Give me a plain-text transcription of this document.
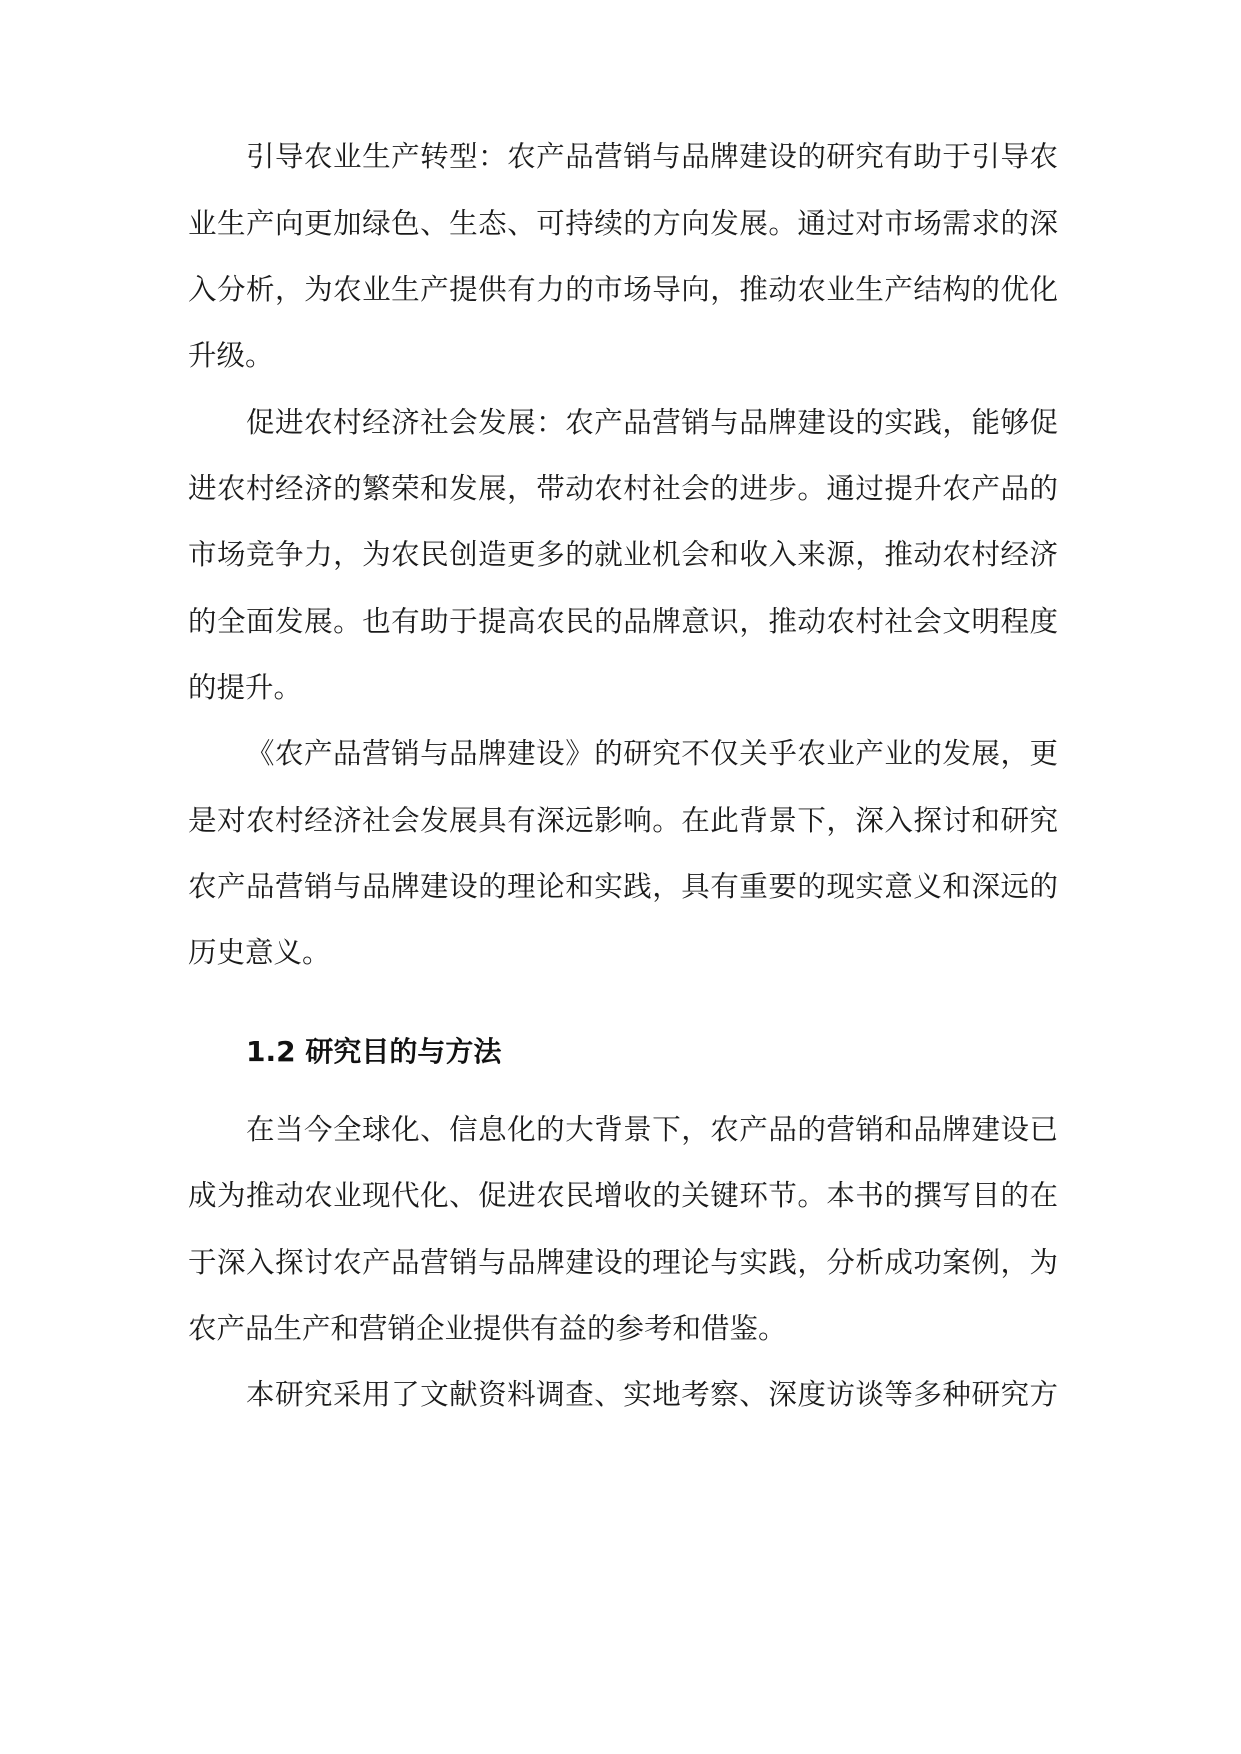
引导农业生产转型：农产品营销与品牌建设的研究有助于引导农
业生产向更加绿色、生态、可持续的方向发展。通过对市场需求的深
入分析，为农业生产提供有力的市场导向，推动农业生产结构的优化
升级。
促进农村经济社会发展：农产品营销与品牌建设的实践，能够促
进农村经济的繁荣和发展，带动农村社会的进步。通过提升农产品的
市场竞争力，为农民创造更多的就业机会和收入来源，推动农村经济
的全面发展。也有助于提高农民的品牌意识，推动农村社会文明程度
的提升。
《农产品营销与品牌建设》的研究不仅关乎农业产业的发展，更
是对农村经济社会发展具有深远影响。在此背景下，深入探讨和研究
农产品营销与品牌建设的理论和实践，具有重要的现实意义和深远的
历史意义。
1.2 研究目的与方法
在当今全球化、信息化的大背景下，农产品的营销和品牌建设已
成为推动农业现代化、促进农民增收的关键环节。本书的撰写目的在
于深入探讨农产品营销与品牌建设的理论与实践，分析成功案例，为
农产品生产和营销企业提供有益的参考和借鉴。
本研究采用了文献资料调查、实地考察、深度访谈等多种研究方
